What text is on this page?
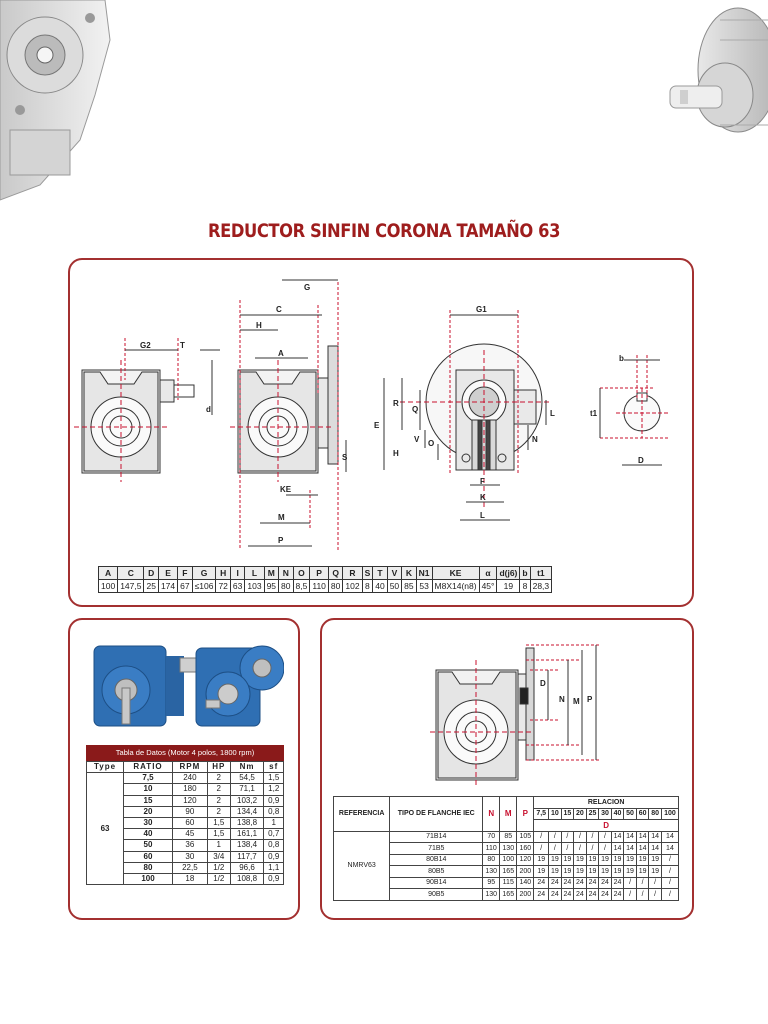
REDUCTOR SINFIN CORONA TAMAÑO 63
G2	T
d
G
C
H
A
S
KE
M
P
G1
E
R
Q
H
V O
L
N
F
K
L
b
t1
D
A	C	D	E	F	G	H	I	L	M	N	O	P	Q	R	S	T	V	K	N1	KE	α	d(j6)	b	t1
100	147,5	25	174	67	≤106	72	63	103	95	80	8,5	110	80	102	8	40	50	85	53	M8X14(n8)	45°	19	8	28,3
Tabla de Datos (Motor 4 polos, 1800 rpm)
Type	RATIO	RPM	HP	Nm	sf
63	7,5	240	2	54,5	1,5
	10	180	2	71,1	1,2
	15	120	2	103,2	0,9
	20	90	2	134,4	0,8
	30	60	1,5	138,8	1
	40	45	1,5	161,1	0,7
	50	36	1	138,4	0,8
	60	30	3/4	117,7	0,9
	80	22,5	1/2	96,6	1,1
	100	18	1/2	108,8	0,9
D
N M P
REFERENCIA	TIPO DE FLANCHE IEC	N	M	P	RELACION										
					7,5	10	15	20	25	30	40	50	60	80	100
					D										
NMRV63	71B14	70	85	105	/	/	/	/	/	/	14	14	14	14	14
	71B5	110	130	160	/	/	/	/	/	/	14	14	14	14	14
	80B14	80	100	120	19	19	19	19	19	19	19	19	19	19	/
	80B5	130	165	200	19	19	19	19	19	19	19	19	19	19	/
	90B14	95	115	140	24	24	24	24	24	24	24	/	/	/	/
	90B5	130	165	200	24	24	24	24	24	24	24	/	/	/	/
